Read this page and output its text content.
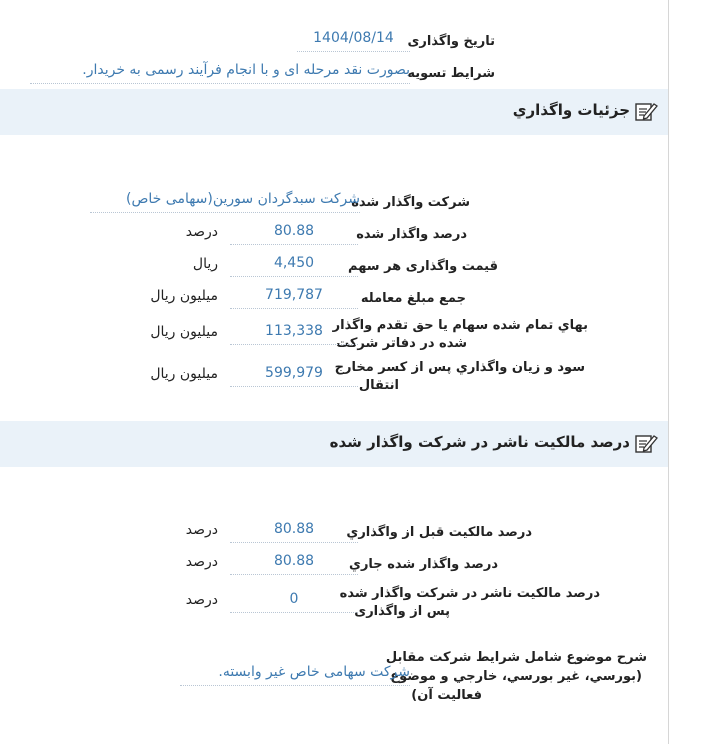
تاریخ واگذاری
1404/08/14
شرایط تسویه
بصورت نقد مرحله ای و با انجام فرآیند رسمی به خریدار.
جزئیات واگذاري
شرکت واگذار شده
شرکت سبدگردان سورین(سهامی خاص)
درصد واگذار شده
80.88
درصد
قيمت واگذاری هر سهم
4,450
ريال
جمع مبلغ معامله
719,787
ميليون ريال
بهاي تمام شده سهام يا حق تقدم واگذار
شده در دفاتر شرکت
113,338
ميليون ريال
سود و زيان واگذاري پس از کسر مخارج
انتقال
599,979
ميليون ريال
درصد مالکيت ناشر در شرکت واگذار شده
درصد مالکيت قبل از واگذاري
80.88
درصد
درصد واگذار شده جاري
80.88
درصد
درصد مالکيت ناشر در شرکت واگذار شده
پس از واگذاری
0
درصد
شرح موضوع شامل شرايط شرکت مقابل
(بورسي، غير بورسي، خارجي و موضوع
فعاليت آن)
شرکت سهامی خاص غیر وابسته.
